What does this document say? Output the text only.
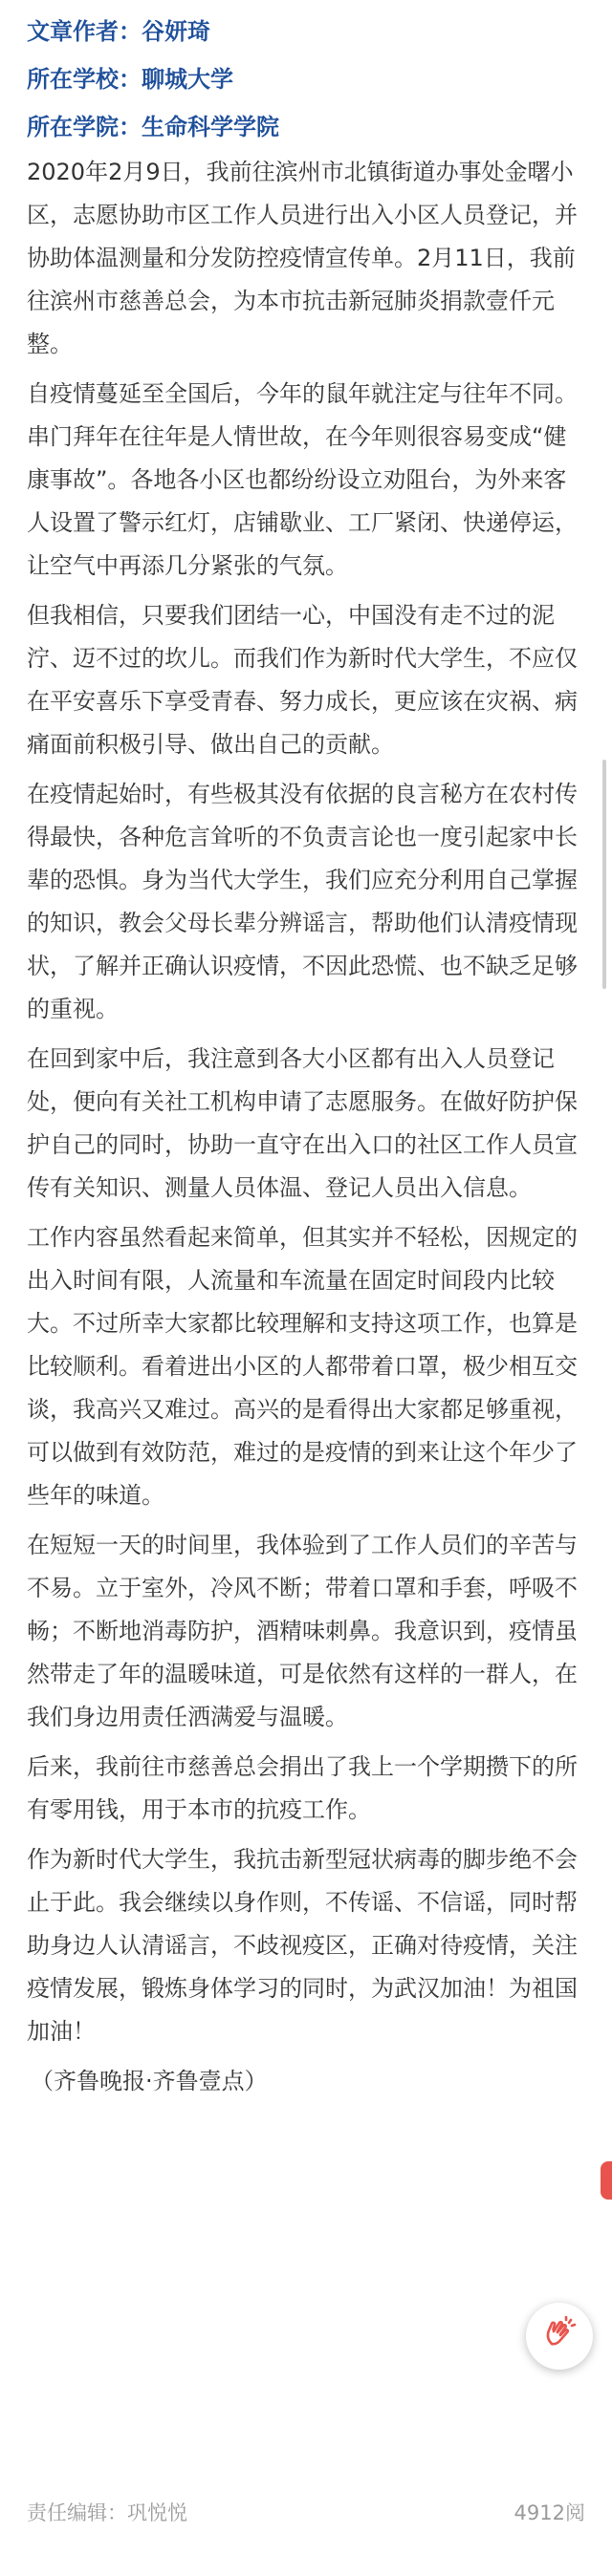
文章作者：谷妍琦

所在学校：聊城大学

所在学院：生命科学学院

2020年2月9日，我前往滨州市北镇街道办事处金曙小区，志愿协助市区工作人员进行出入小区人员登记，并协助体温测量和分发防控疫情宣传单。2月11日，我前往滨州市慈善总会，为本市抗击新冠肺炎捐款壹仟元整。

自疫情蔓延至全国后，今年的鼠年就注定与往年不同。串门拜年在往年是人情世故，在今年则很容易变成“健康事故”。各地各小区也都纷纷设立劝阻台，为外来客人设置了警示红灯，店铺歇业、工厂紧闭、快递停运，让空气中再添几分紧张的气氛。

但我相信，只要我们团结一心，中国没有走不过的泥泞、迈不过的坎儿。而我们作为新时代大学生，不应仅在平安喜乐下享受青春、努力成长，更应该在灾祸、病痛面前积极引导、做出自己的贡献。

在疫情起始时，有些极其没有依据的良言秘方在农村传得最快，各种危言耸听的不负责言论也一度引起家中长辈的恐惧。身为当代大学生，我们应充分利用自己掌握的知识，教会父母长辈分辨谣言，帮助他们认清疫情现状，了解并正确认识疫情，不因此恐慌、也不缺乏足够的重视。

在回到家中后，我注意到各大小区都有出入人员登记处，便向有关社工机构申请了志愿服务。在做好防护保护自己的同时，协助一直守在出入口的社区工作人员宣传有关知识、测量人员体温、登记人员出入信息。

工作内容虽然看起来简单，但其实并不轻松，因规定的出入时间有限，人流量和车流量在固定时间段内比较大。不过所幸大家都比较理解和支持这项工作，也算是比较顺利。看着进出小区的人都带着口罩，极少相互交谈，我高兴又难过。高兴的是看得出大家都足够重视，可以做到有效防范，难过的是疫情的到来让这个年少了些年的味道。

在短短一天的时间里，我体验到了工作人员们的辛苦与不易。立于室外，冷风不断；带着口罩和手套，呼吸不畅；不断地消毒防护，酒精味刺鼻。我意识到，疫情虽然带走了年的温暖味道，可是依然有这样的一群人，在我们身边用责任洒满爱与温暖。

后来，我前往市慈善总会捐出了我上一个学期攒下的所有零用钱，用于本市的抗疫工作。

作为新时代大学生，我抗击新型冠状病毒的脚步绝不会止于此。我会继续以身作则，不传谣、不信谣，同时帮助身边人认清谣言，不歧视疫区，正确对待疫情，关注疫情发展，锻炼身体学习的同时，为武汉加油！为祖国加油！

（齐鲁晚报·齐鲁壹点）

责任编辑：巩悦悦	4912阅
